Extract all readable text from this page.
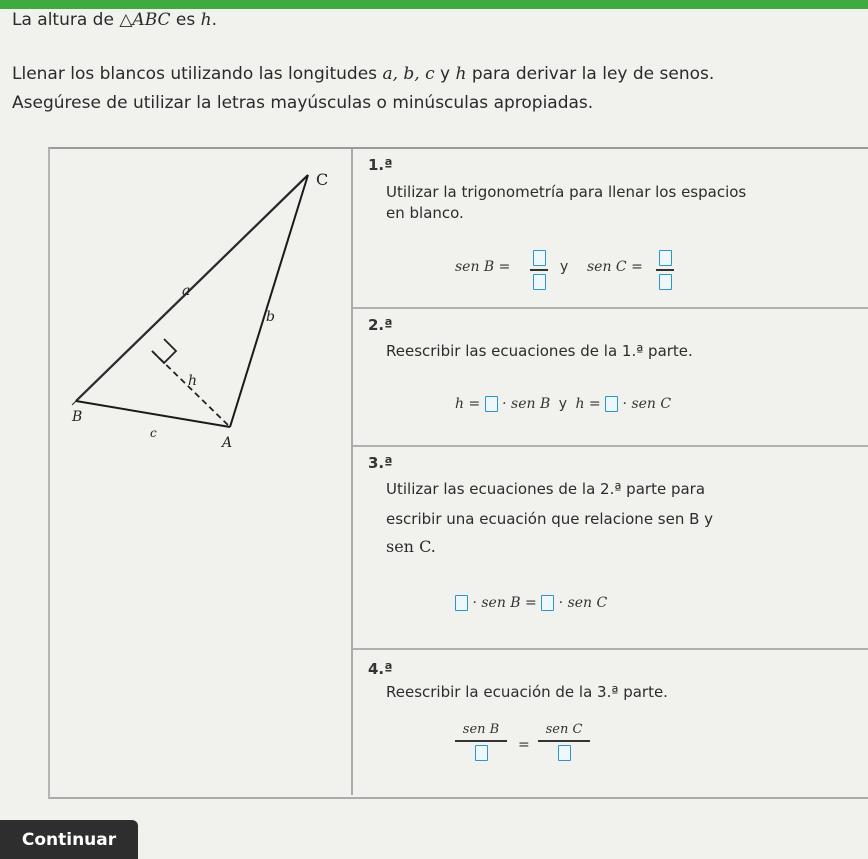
La altura de △ABC es h.
Llenar los blancos utilizando las longitudes a, b, c y h para derivar la ley de senos.
Asegúrese de utilizar la letras mayúsculas o minúsculas apropiadas.
C
B
A
a
b
c
h
1.ª
Utilizar la trigonometría para llenar los espacios
en blanco.
sen B =	y sen C =
2.ª
Reescribir las ecuaciones de la 1.ª parte.
h = · sen B y h = · sen C
3.ª
Utilizar las ecuaciones de la 2.ª parte para
escribir una ecuación que relacione sen B y
sen C.
· sen B = · sen C
4.ª
Reescribir la ecuación de la 3.ª parte.
sen B
=
sen C
Continuar
